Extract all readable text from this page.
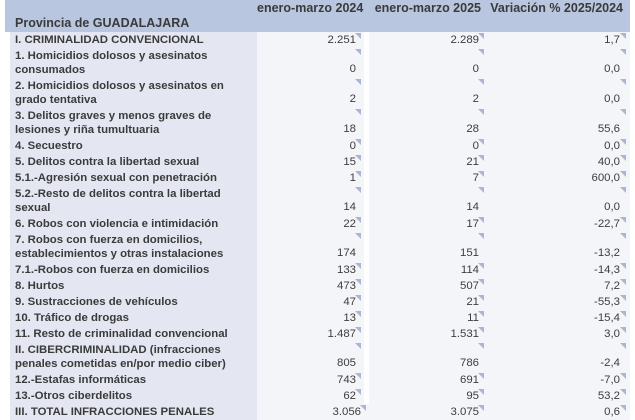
Provincia de GUADALAJARA	enero-marzo 2024	enero-marzo 2025	Variación % 2025/2024
I. CRIMINALIDAD CONVENCIONAL	2.251	2.289	1,7

1. Homicidios dolosos y asesinatos consumados	0	0	0,0

2. Homicidios dolosos y asesinatos en grado tentativa	2	2	0,0

3. Delitos graves y menos graves de lesiones y riña tumultuaria	18	28	55,6

4. Secuestro	0	0	0,0

5. Delitos contra la libertad sexual	15	21	40,0

5.1.-Agresión sexual con penetración	1	7	600,0

5.2.-Resto de delitos contra la libertad sexual	14	14	0,0

6. Robos con violencia e intimidación	22	17	-22,7

7. Robos con fuerza en domicilios, establecimientos y otras instalaciones	174	151	-13,2

7.1.-Robos con fuerza en domicilios	133	114	-14,3

8. Hurtos	473	507	7,2

9. Sustracciones de vehículos	47	21	-55,3

10. Tráfico de drogas	13	11	-15,4

11. Resto de criminalidad convencional	1.487	1.531	3,0

II. CIBERCRIMINALIDAD (infracciones penales cometidas en/por medio ciber)	805	786	-2,4

12.-Estafas informáticas	743	691	-7,0

13.-Otros ciberdelitos	62	95	53,2

III. TOTAL INFRACCIONES PENALES	3.056	3.075	0,6
